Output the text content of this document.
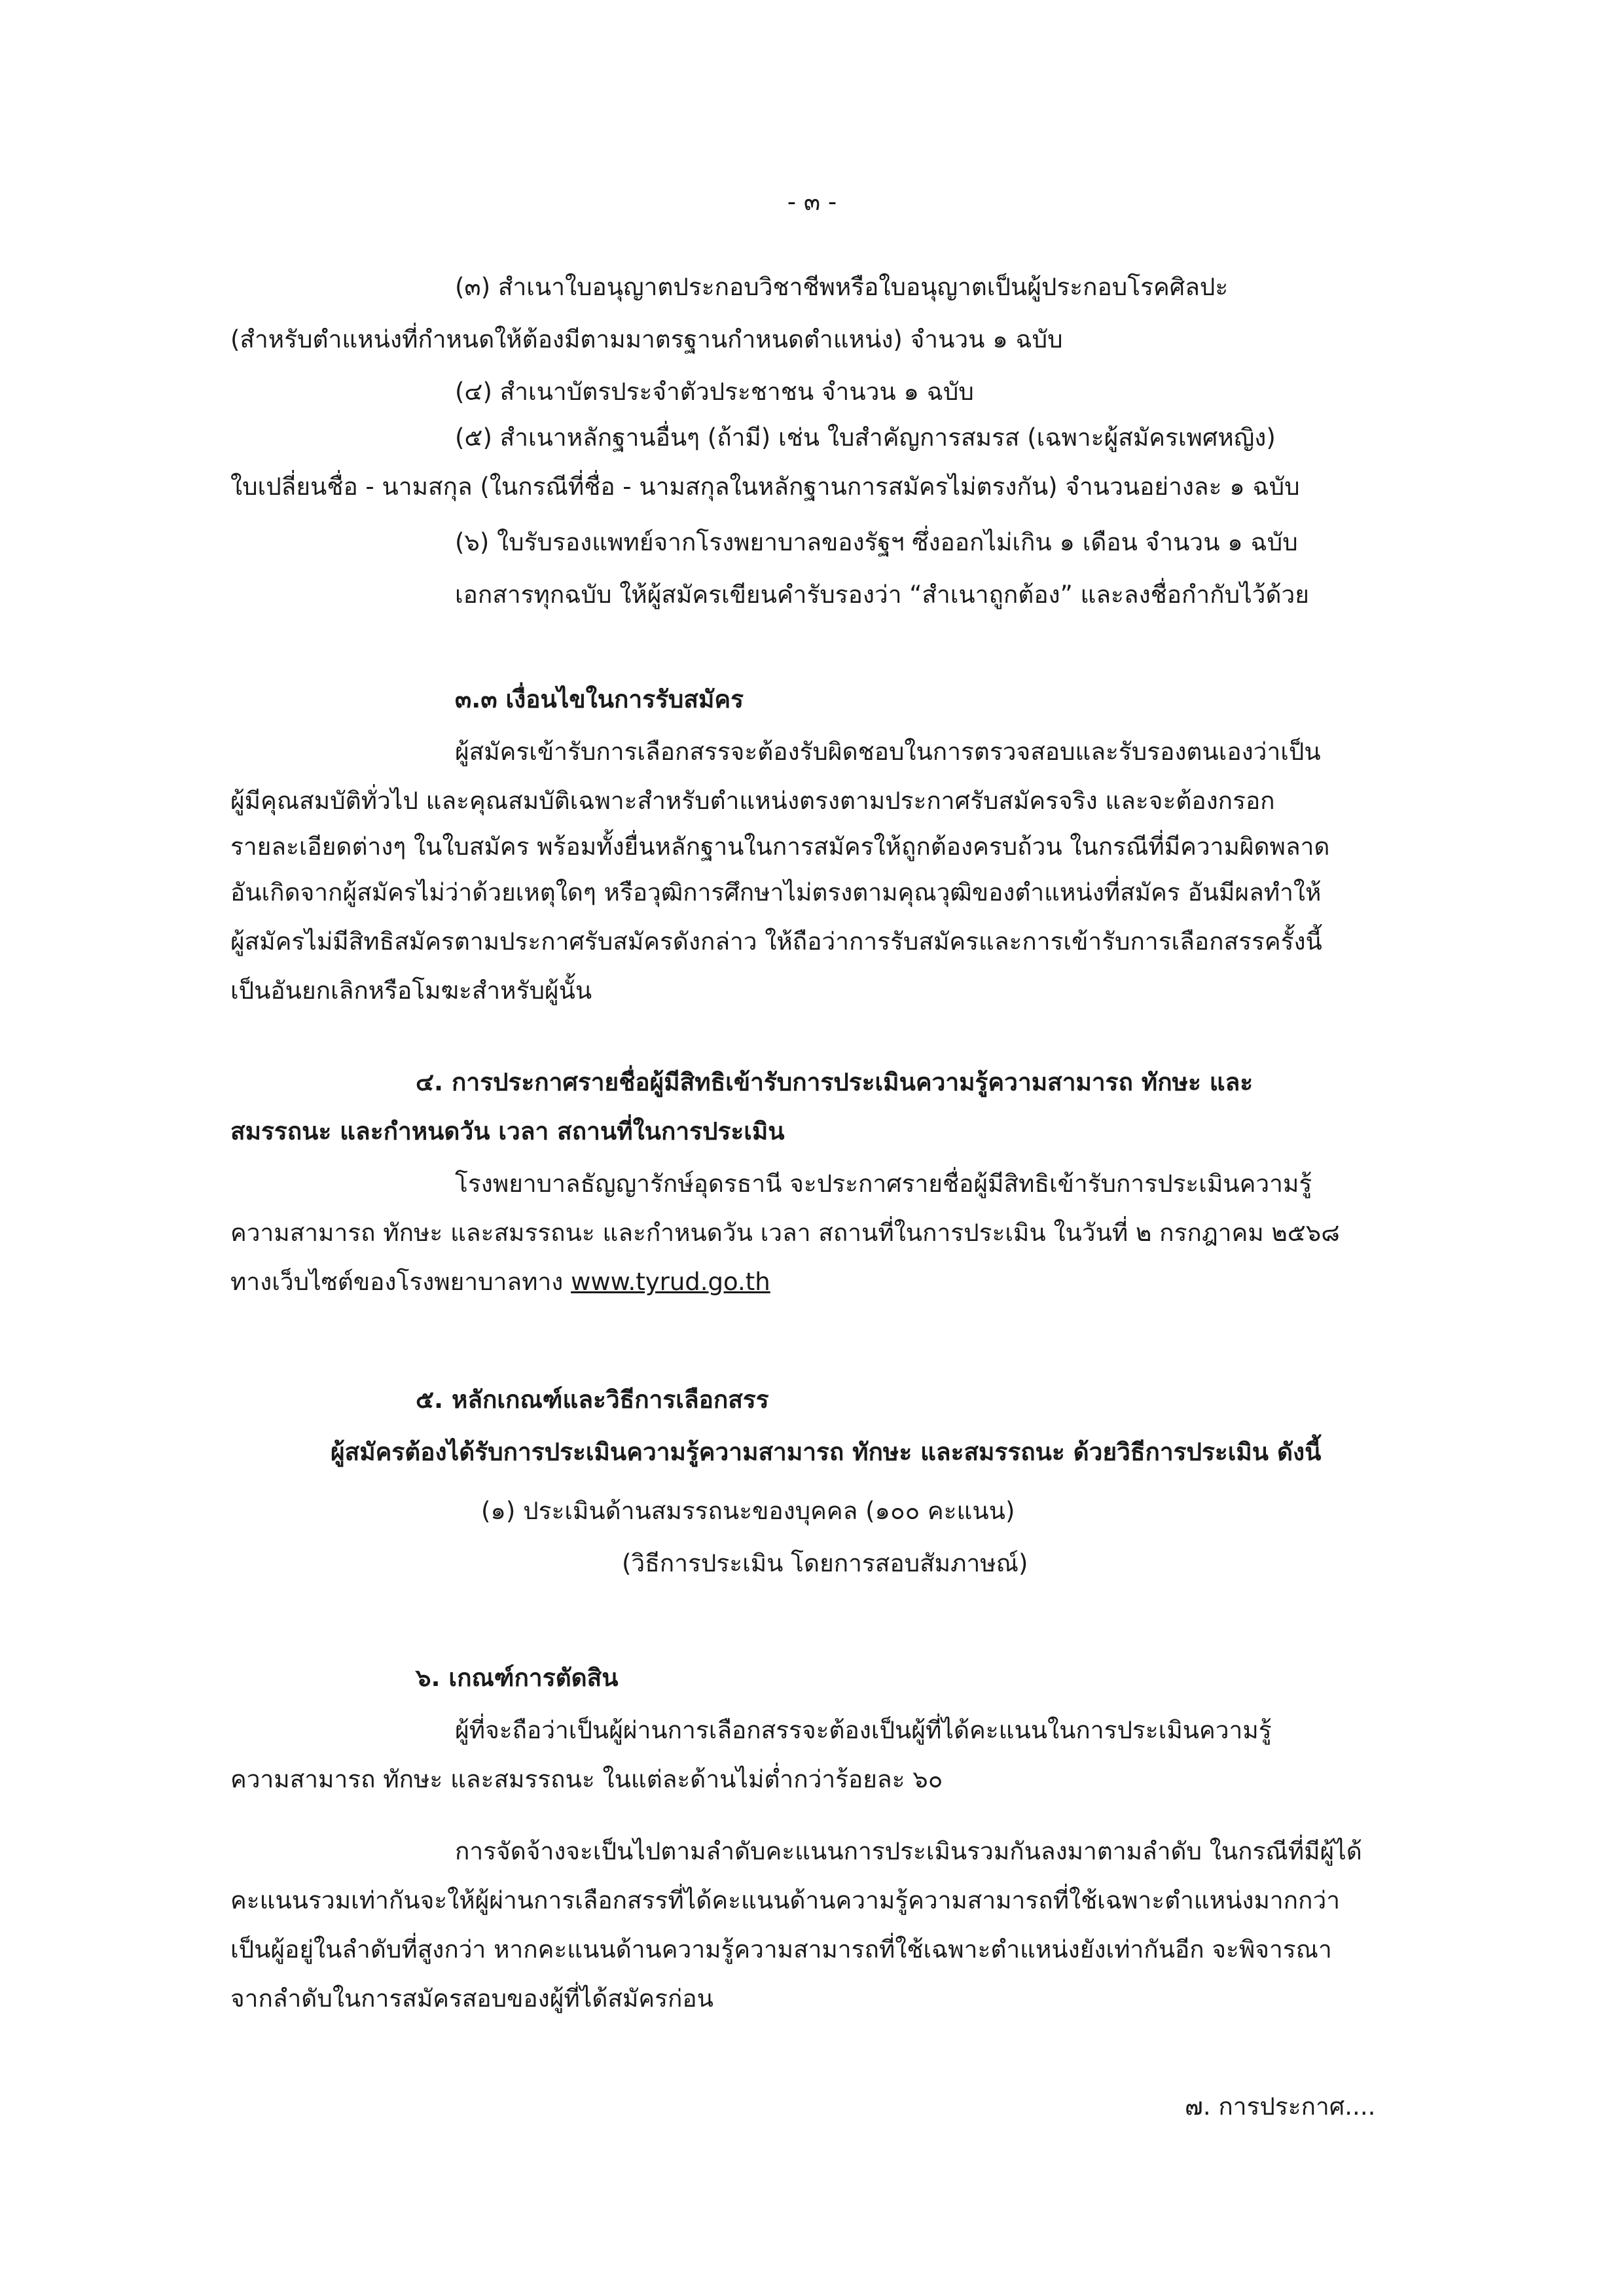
- ๓ -
(๓) สำเนาใบอนุญาตประกอบวิชาชีพหรือใบอนุญาตเป็นผู้ประกอบโรคศิลปะ
(สำหรับตำแหน่งที่กำหนดให้ต้องมีตามมาตรฐานกำหนดตำแหน่ง) จำนวน ๑ ฉบับ
(๔) สำเนาบัตรประจำตัวประชาชน จำนวน ๑ ฉบับ
(๕) สำเนาหลักฐานอื่นๆ (ถ้ามี) เช่น ใบสำคัญการสมรส (เฉพาะผู้สมัครเพศหญิง)
ใบเปลี่ยนชื่อ - นามสกุล (ในกรณีที่ชื่อ - นามสกุลในหลักฐานการสมัครไม่ตรงกัน) จำนวนอย่างละ ๑ ฉบับ
(๖) ใบรับรองแพทย์จากโรงพยาบาลของรัฐฯ ซึ่งออกไม่เกิน ๑ เดือน จำนวน ๑ ฉบับ
เอกสารทุกฉบับ ให้ผู้สมัครเขียนคำรับรองว่า “สำเนาถูกต้อง” และลงชื่อกำกับไว้ด้วย
๓.๓ เงื่อนไขในการรับสมัคร
ผู้สมัครเข้ารับการเลือกสรรจะต้องรับผิดชอบในการตรวจสอบและรับรองตนเองว่าเป็น
ผู้มีคุณสมบัติทั่วไป และคุณสมบัติเฉพาะสำหรับตำแหน่งตรงตามประกาศรับสมัครจริง และจะต้องกรอก
รายละเอียดต่างๆ ในใบสมัคร พร้อมทั้งยื่นหลักฐานในการสมัครให้ถูกต้องครบถ้วน ในกรณีที่มีความผิดพลาด
อันเกิดจากผู้สมัครไม่ว่าด้วยเหตุใดๆ หรือวุฒิการศึกษาไม่ตรงตามคุณวุฒิของตำแหน่งที่สมัคร อันมีผลทำให้
ผู้สมัครไม่มีสิทธิสมัครตามประกาศรับสมัครดังกล่าว ให้ถือว่าการรับสมัครและการเข้ารับการเลือกสรรครั้งนี้
เป็นอันยกเลิกหรือโมฆะสำหรับผู้นั้น
๔. การประกาศรายชื่อผู้มีสิทธิเข้ารับการประเมินความรู้ความสามารถ ทักษะ และ
สมรรถนะ และกำหนดวัน เวลา สถานที่ในการประเมิน
โรงพยาบาลธัญญารักษ์อุดรธานี จะประกาศรายชื่อผู้มีสิทธิเข้ารับการประเมินความรู้
ความสามารถ ทักษะ และสมรรถนะ และกำหนดวัน เวลา สถานที่ในการประเมิน ในวันที่ ๒ กรกฎาคม ๒๕๖๘
ทางเว็บไซต์ของโรงพยาบาลทาง www.tyrud.go.th
๕. หลักเกณฑ์และวิธีการเลือกสรร
ผู้สมัครต้องได้รับการประเมินความรู้ความสามารถ ทักษะ และสมรรถนะ ด้วยวิธีการประเมิน ดังนี้
(๑) ประเมินด้านสมรรถนะของบุคคล (๑๐๐ คะแนน)
(วิธีการประเมิน โดยการสอบสัมภาษณ์)
๖. เกณฑ์การตัดสิน
ผู้ที่จะถือว่าเป็นผู้ผ่านการเลือกสรรจะต้องเป็นผู้ที่ได้คะแนนในการประเมินความรู้
ความสามารถ ทักษะ และสมรรถนะ ในแต่ละด้านไม่ต่ำกว่าร้อยละ ๖๐
การจัดจ้างจะเป็นไปตามลำดับคะแนนการประเมินรวมกันลงมาตามลำดับ ในกรณีที่มีผู้ได้
คะแนนรวมเท่ากันจะให้ผู้ผ่านการเลือกสรรที่ได้คะแนนด้านความรู้ความสามารถที่ใช้เฉพาะตำแหน่งมากกว่า
เป็นผู้อยู่ในลำดับที่สูงกว่า หากคะแนนด้านความรู้ความสามารถที่ใช้เฉพาะตำแหน่งยังเท่ากันอีก จะพิจารณา
จากลำดับในการสมัครสอบของผู้ที่ได้สมัครก่อน
๗. การประกาศ....
